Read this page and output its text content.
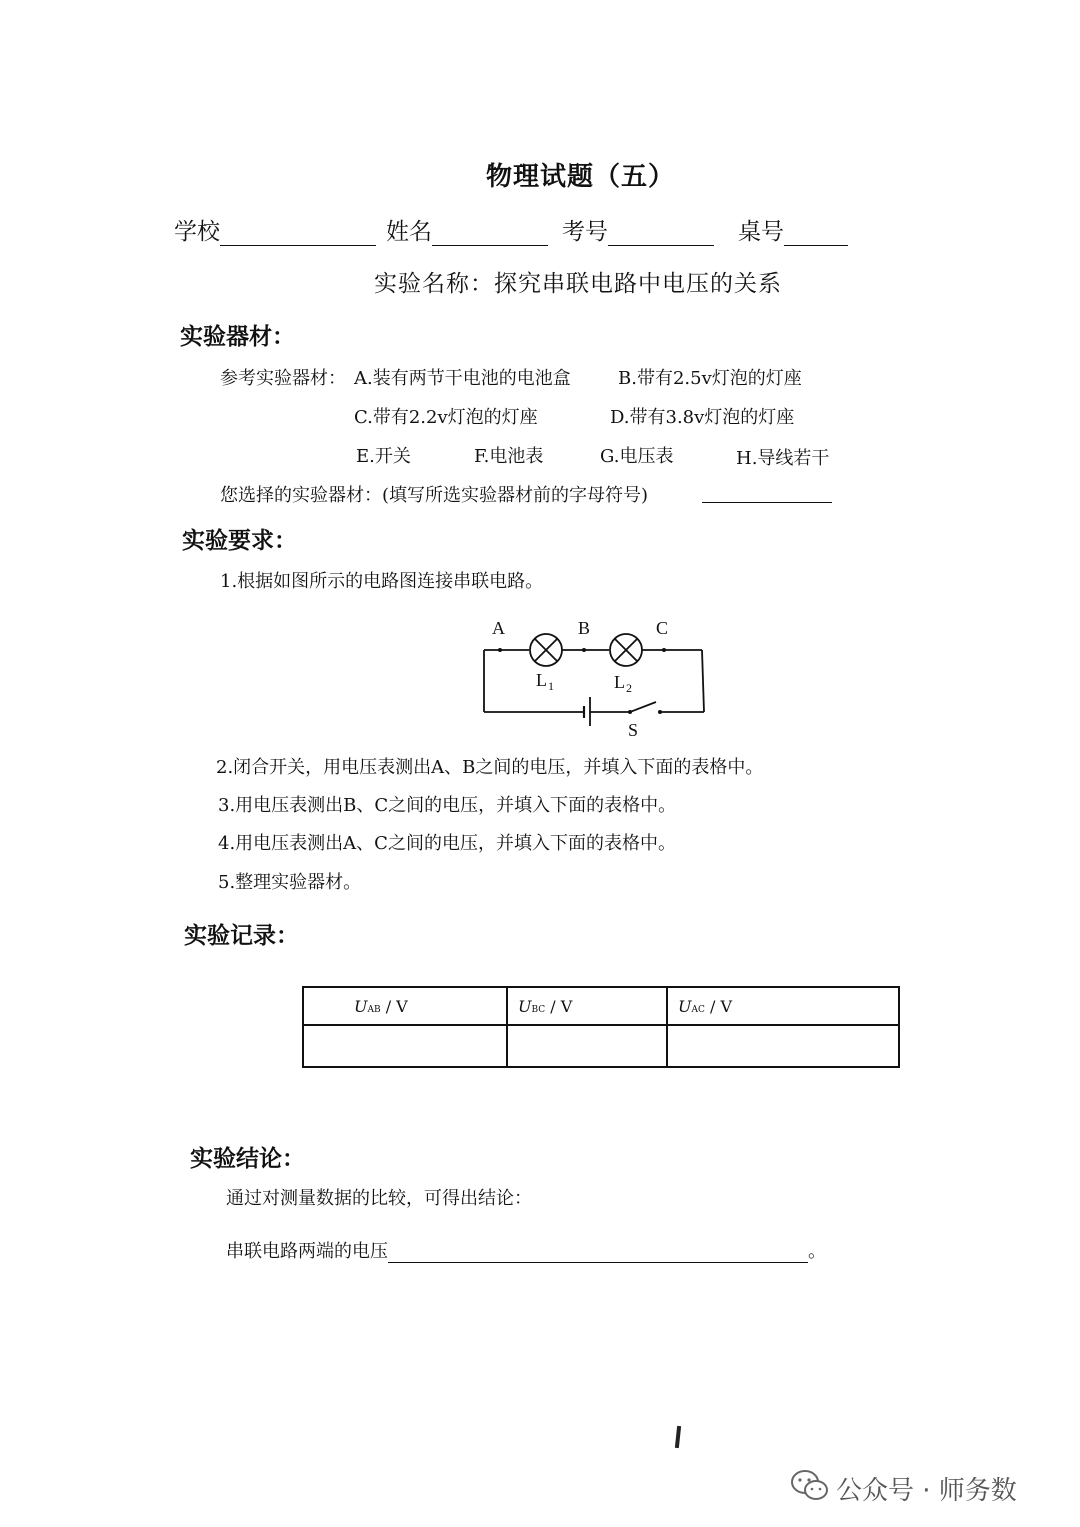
物理试题（五）
学校	姓名	考号	桌号
实验名称：探究串联电路中电压的关系
实验器材：
参考实验器材： A.装有两节干电池的电池盒	B.带有2.5v灯泡的灯座
C.带有2.2v灯泡的灯座	D.带有3.8v灯泡的灯座
E.开关	F.电池表	G.电压表	H.导线若干
您选择的实验器材：(填写所选实验器材前的字母符号)
实验要求：
1.根据如图所示的电路图连接串联电路。
A	B	C
L 1	L 2
S
2.闭合开关，用电压表测出A、B之间的电压，并填入下面的表格中。
3.用电压表测出B、C之间的电压，并填入下面的表格中。
4.用电压表测出A、C之间的电压，并填入下面的表格中。
5.整理实验器材。
实验记录：
UAB / V	UBC / V	UAC / V

实验结论：
通过对测量数据的比较，可得出结论：
串联电路两端的电压	。
公众号 · 师务数
